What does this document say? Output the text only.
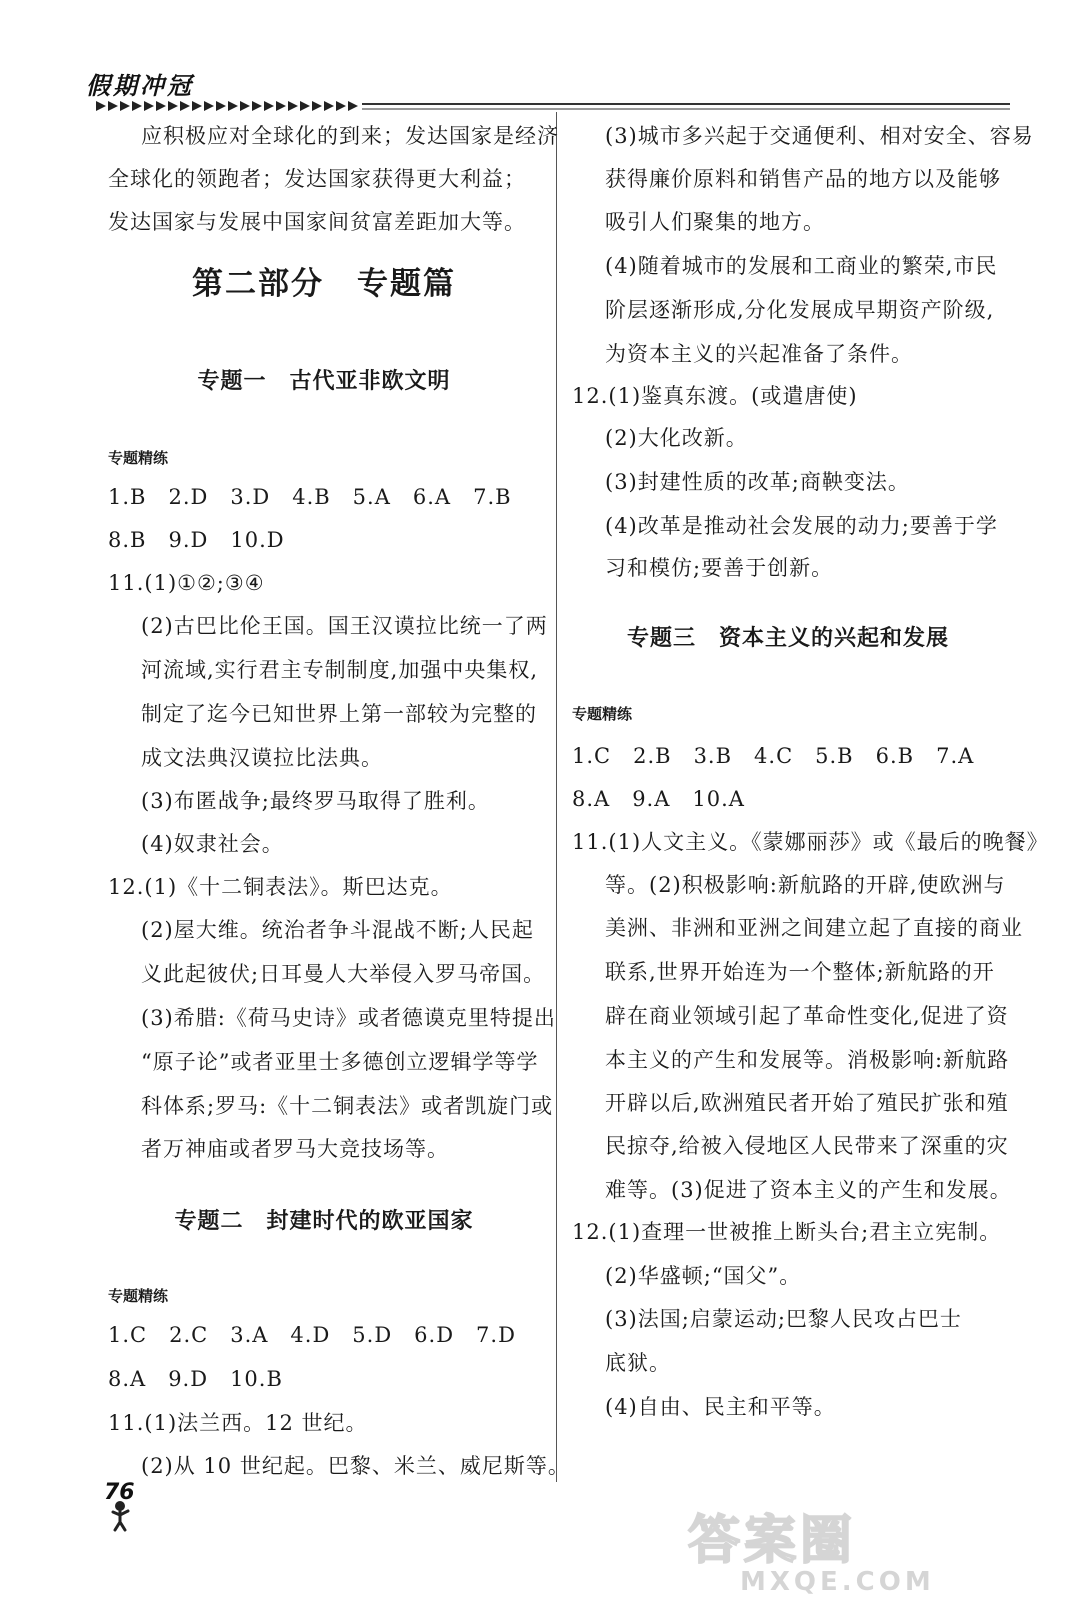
假期冲冠
应积极应对全球化的到来；发达国家是经济
全球化的领跑者；发达国家获得更大利益；
发达国家与发展中国家间贫富差距加大等。
第二部分　专题篇
专题一　古代亚非欧文明
专题精练
1.B　2.D　3.D　4.B　5.A　6.A　7.B
8.B　9.D　10.D
11.(1)①②;③④
(2)古巴比伦王国。国王汉谟拉比统一了两
河流域,实行君主专制制度,加强中央集权,
制定了迄今已知世界上第一部较为完整的
成文法典汉谟拉比法典。
(3)布匿战争;最终罗马取得了胜利。
(4)奴隶社会。
12.(1)《十二铜表法》。斯巴达克。
(2)屋大维。统治者争斗混战不断;人民起
义此起彼伏;日耳曼人大举侵入罗马帝国。
(3)希腊:《荷马史诗》或者德谟克里特提出
“原子论”或者亚里士多德创立逻辑学等学
科体系;罗马:《十二铜表法》或者凯旋门或
者万神庙或者罗马大竞技场等。
专题二　封建时代的欧亚国家
专题精练
1.C　2.C　3.A　4.D　5.D　6.D　7.D
8.A　9.D　10.B
11.(1)法兰西。12 世纪。
(2)从 10 世纪起。巴黎、米兰、威尼斯等。
(3)城市多兴起于交通便利、相对安全、容易
获得廉价原料和销售产品的地方以及能够
吸引人们聚集的地方。
(4)随着城市的发展和工商业的繁荣,市民
阶层逐渐形成,分化发展成早期资产阶级,
为资本主义的兴起准备了条件。
12.(1)鉴真东渡。(或遣唐使)
(2)大化改新。
(3)封建性质的改革;商鞅变法。
(4)改革是推动社会发展的动力;要善于学
习和模仿;要善于创新。
专题三　资本主义的兴起和发展
专题精练
1.C　2.B　3.B　4.C　5.B　6.B　7.A
8.A　9.A　10.A
11.(1)人文主义。《蒙娜丽莎》或《最后的晚餐》
等。(2)积极影响:新航路的开辟,使欧洲与
美洲、非洲和亚洲之间建立起了直接的商业
联系,世界开始连为一个整体;新航路的开
辟在商业领域引起了革命性变化,促进了资
本主义的产生和发展等。消极影响:新航路
开辟以后,欧洲殖民者开始了殖民扩张和殖
民掠夺,给被入侵地区人民带来了深重的灾
难等。(3)促进了资本主义的产生和发展。
12.(1)查理一世被推上断头台;君主立宪制。
(2)华盛顿;“国父”。
(3)法国;启蒙运动;巴黎人民攻占巴士
底狱。
(4)自由、民主和平等。
76
答案圈
MXQE.COM
